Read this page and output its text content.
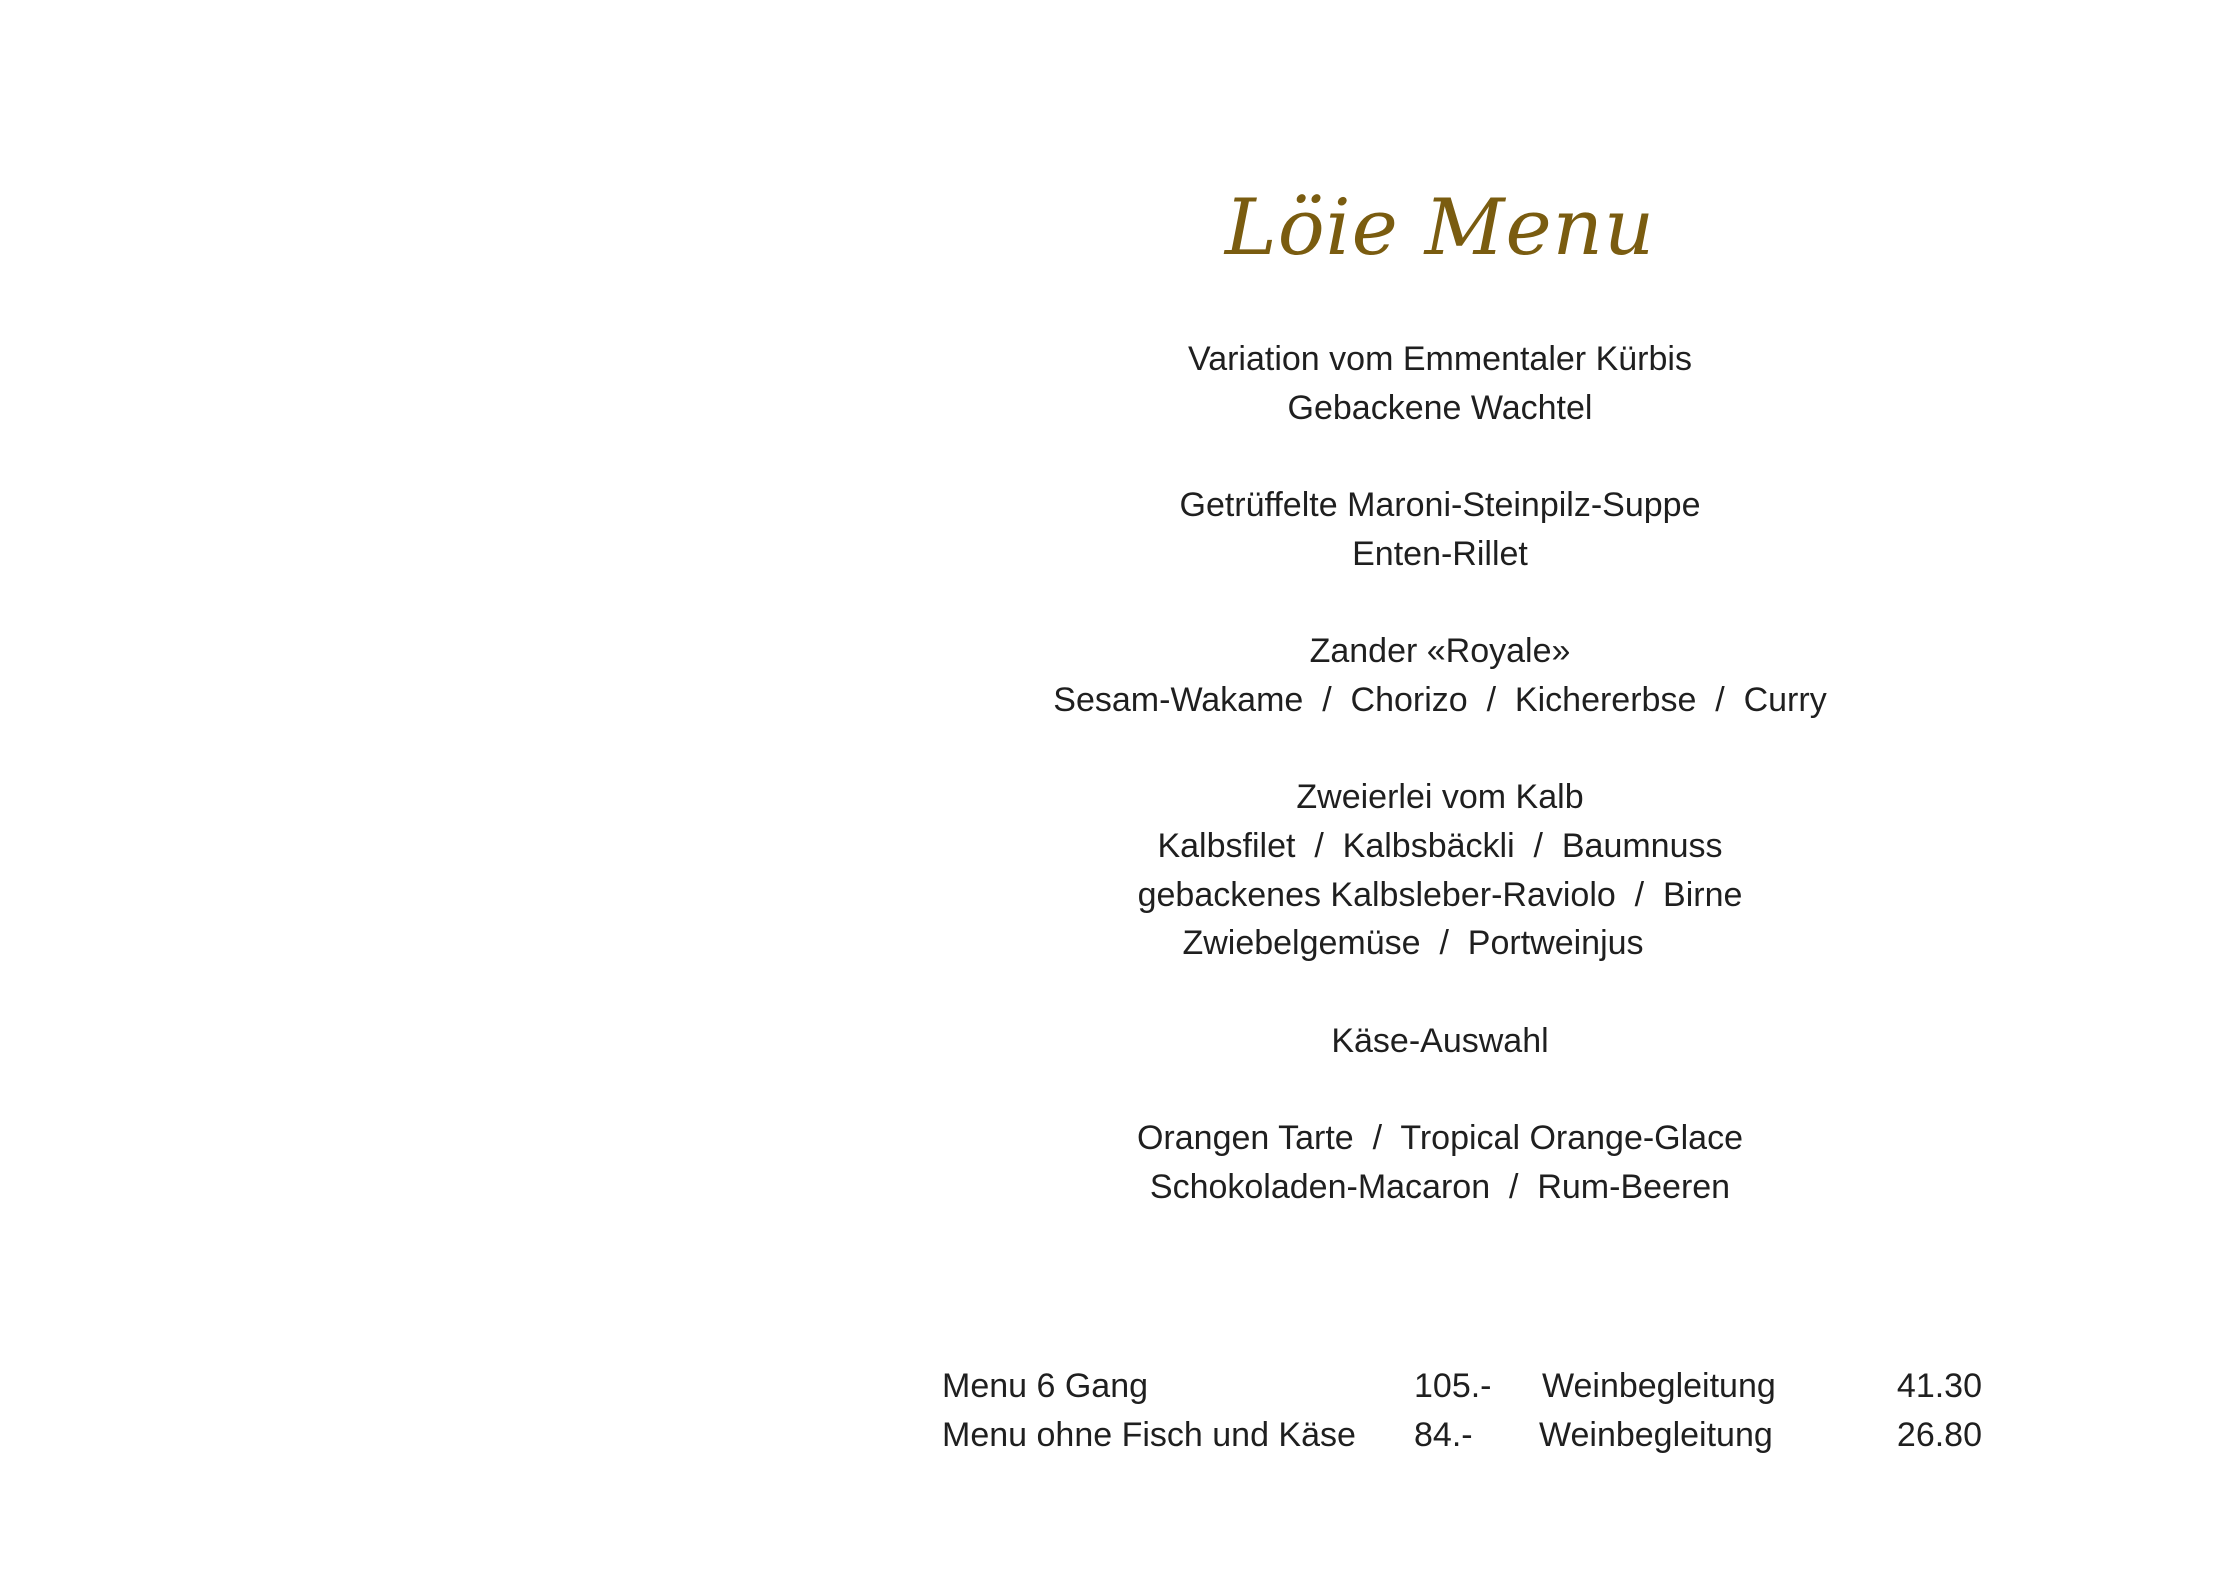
Löie Menu
Variation vom Emmentaler Kürbis
Gebackene Wachtel
Getrüffelte Maroni-Steinpilz-Suppe
Enten-Rillet
Zander «Royale»
Sesam-Wakame  /  Chorizo  /  Kichererbse  /  Curry
Zweierlei vom Kalb
Kalbsfilet  /  Kalbsbäckli  /  Baumnuss
gebackenes Kalbsleber-Raviolo  /  Birne
Zwiebelgemüse  /  Portweinjus
Käse-Auswahl
Orangen Tarte  /  Tropical Orange-Glace
Schokoladen-Macaron  /  Rum-Beeren
Menu 6 Gang	105.- Weinbegleitung	41.30
Menu ohne Fisch und Käse 84.- Weinbegleitung	26.80
